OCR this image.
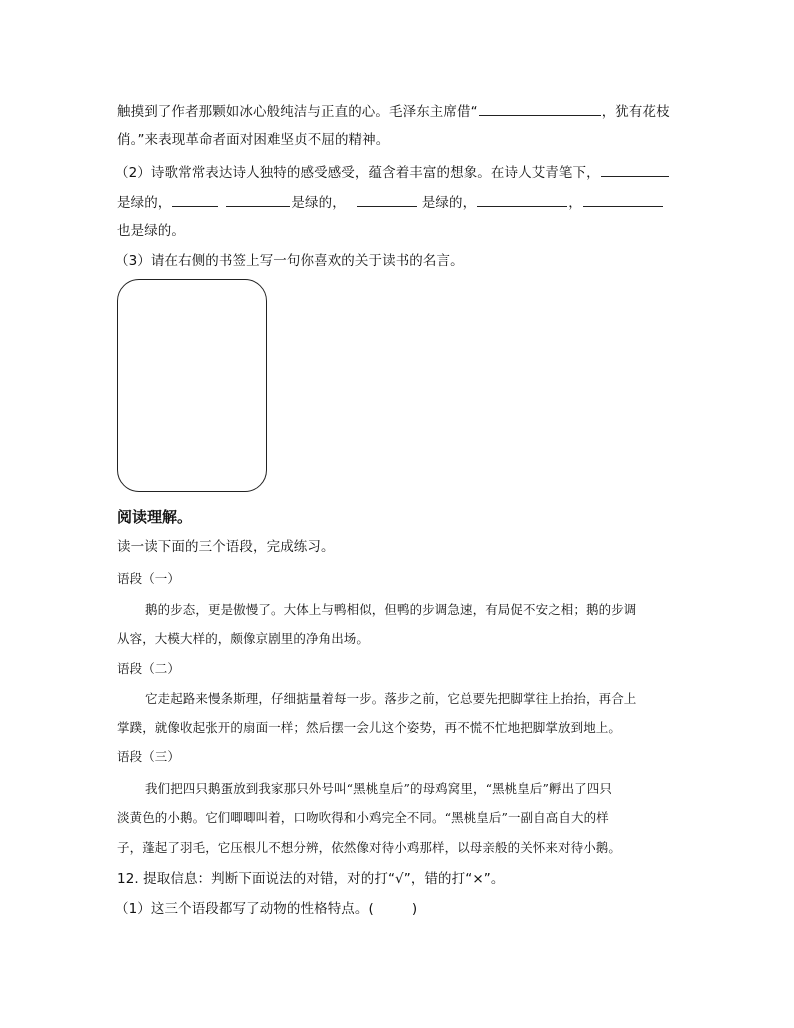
触摸到了作者那颗如冰心般纯洁与正直的心。毛泽东主席借“	，犹有花枝
俏。”来表现革命者面对困难坚贞不屈的精神。
（2）诗歌常常表达诗人独特的感受感受，蕴含着丰富的想象。在诗人艾青笔下，
是绿的，	是绿的，	是绿的，	，
也是绿的。
（3）请在右侧的书签上写一句你喜欢的关于读书的名言。
阅读理解。
读一读下面的三个语段，完成练习。
语段（一）
鹅的步态，更是傲慢了。大体上与鸭相似，但鸭的步调急速，有局促不安之相；鹅的步调
从容，大模大样的，颇像京剧里的净角出场。
语段（二）
它走起路来慢条斯理，仔细掂量着每一步。落步之前，它总要先把脚掌往上抬抬，再合上
掌蹼，就像收起张开的扇面一样；然后摆一会儿这个姿势，再不慌不忙地把脚掌放到地上。
语段（三）
我们把四只鹅蛋放到我家那只外号叫“黑桃皇后”的母鸡窝里，“黑桃皇后”孵出了四只
淡黄色的小鹅。它们唧唧叫着，口吻吹得和小鸡完全不同。“黑桃皇后”一副自高自大的样
子，蓬起了羽毛，它压根儿不想分辨，依然像对待小鸡那样，以母亲般的关怀来对待小鹅。
12. 提取信息：判断下面说法的对错，对的打“√”，错的打“×”。
（1）这三个语段都写了动物的性格特点。(	)
